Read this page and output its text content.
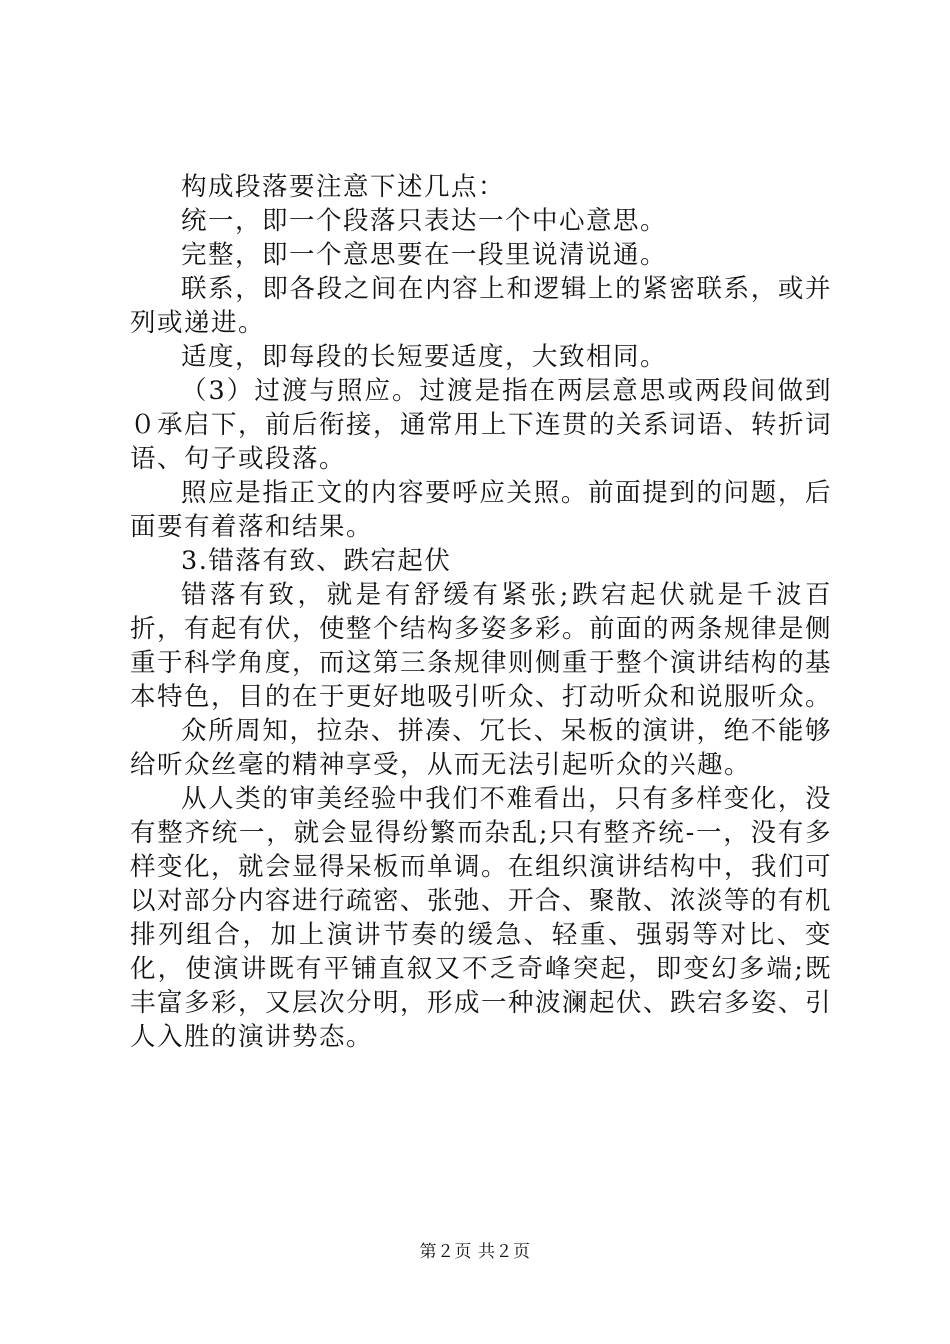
构成段落要注意下述几点：

统一，即一个段落只表达一个中心意思。

完整，即一个意思要在一段里说清说通。

联系，即各段之间在内容上和逻辑上的紧密联系，或并列或递进。

适度，即每段的长短要适度，大致相同。

（3）过渡与照应。过渡是指在两层意思或两段间做到０承启下，前后衔接，通常用上下连贯的关系词语、转折词语、句子或段落。

照应是指正文的内容要呼应关照。前面提到的问题，后面要有着落和结果。

3.错落有致、跌宕起伏

错落有致，就是有舒缓有紧张;跌宕起伏就是千波百折，有起有伏，使整个结构多姿多彩。前面的两条规律是侧重于科学角度，而这第三条规律则侧重于整个演讲结构的基本特色，目的在于更好地吸引听众、打动听众和说服听众。

众所周知，拉杂、拼凑、冗长、呆板的演讲，绝不能够给听众丝毫的精神享受，从而无法引起听众的兴趣。

从人类的审美经验中我们不难看出，只有多样变化，没有整齐统一，就会显得纷繁而杂乱;只有整齐统-一，没有多样变化，就会显得呆板而单调。在组织演讲结构中，我们可以对部分内容进行疏密、张弛、开合、聚散、浓淡等的有机排列组合，加上演讲节奏的缓急、轻重、强弱等对比、变化，使演讲既有平铺直叙又不乏奇峰突起，即变幻多端;既丰富多彩，又层次分明，形成一种波澜起伏、跌宕多姿、引人入胜的演讲势态。

第２页 共２页
